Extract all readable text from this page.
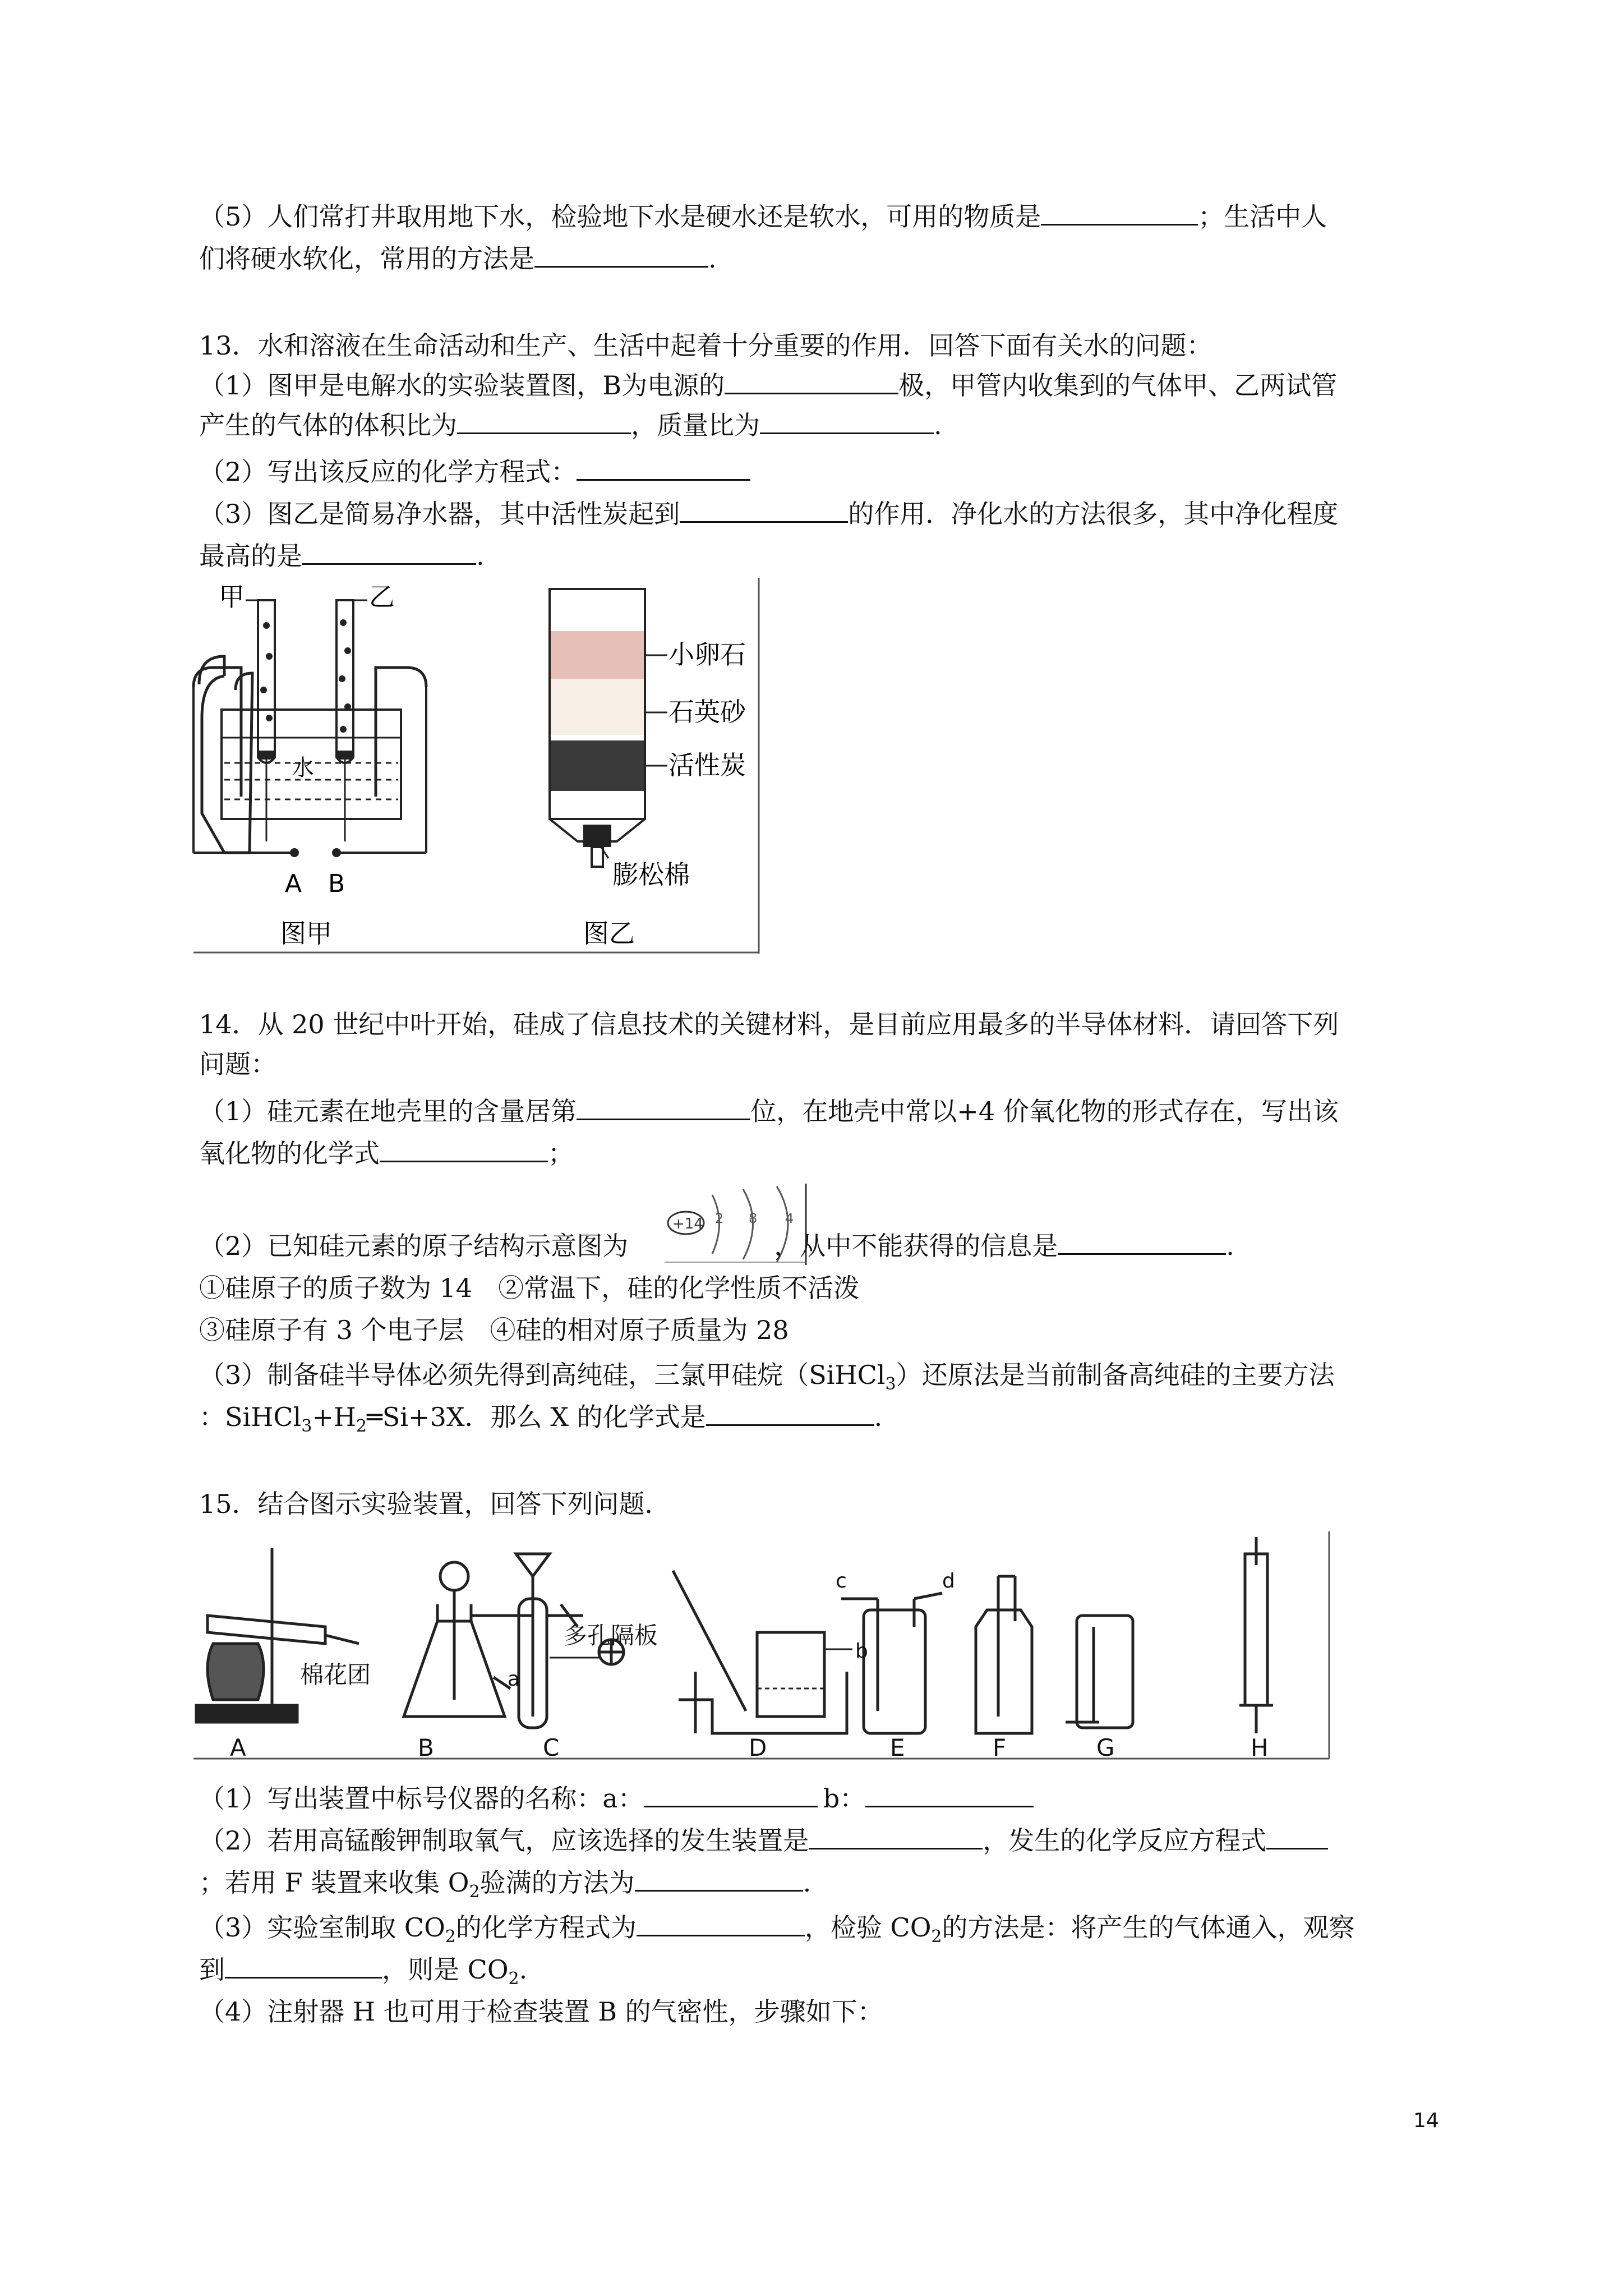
（5）人们常打井取用地下水，检验地下水是硬水还是软水，可用的物质是	；生活中人
们将硬水软化，常用的方法是	.
13．水和溶液在生命活动和生产、生活中起着十分重要的作用．回答下面有关水的问题：
（1）图甲是电解水的实验装置图，B为电源的	极，甲管内收集到的气体甲、乙两试管
产生的气体的体积比为	，质量比为	.
（2）写出该反应的化学方程式：
（3）图乙是简易净水器，其中活性炭起到	的作用．净化水的方法很多，其中净化程度
最高的是	.
甲	乙
水
A B
图甲
小卵石
石英砂
活性炭
膨松棉
图乙
14．从 20 世纪中叶开始，硅成了信息技术的关键材料，是目前应用最多的半导体材料．请回答下列
问题：
（1）硅元素在地壳里的含量居第	位，在地壳中常以+4 价氧化物的形式存在，写出该
氧化物的化学式	；
+14 2 8 4
（2）已知硅元素的原子结构示意图为	，从中不能获得的信息是	.
①硅原子的质子数为 14　②常温下，硅的化学性质不活泼
③硅原子有 3 个电子层　④硅的相对原子质量为 28
（3）制备硅半导体必须先得到高纯硅，三氯甲硅烷（SiHCl$_3$）还原法是当前制备高纯硅的主要方法
：$SiHCl_3+H_2═Si+3X$．那么 X 的化学式是	.
15．结合图示实验装置，回答下列问题．
A	B	C	D	E	F	G	H
a
b
c	d
棉花团
多孔隔板
（1）写出装置中标号仪器的名称：a：	b：
（2）若用高锰酸钾制取氧气，应该选择的发生装置是	，发生的化学反应方程式
；若用 F 装置来收集 $O_2$验满的方法为	.
（3）实验室制取 $CO_2$的化学方程式为	，检验 $CO_2$的方法是：将产生的气体通入，观察
到	，则是 $CO_2$.
（4）注射器 H 也可用于检查装置 B 的气密性，步骤如下：
14
